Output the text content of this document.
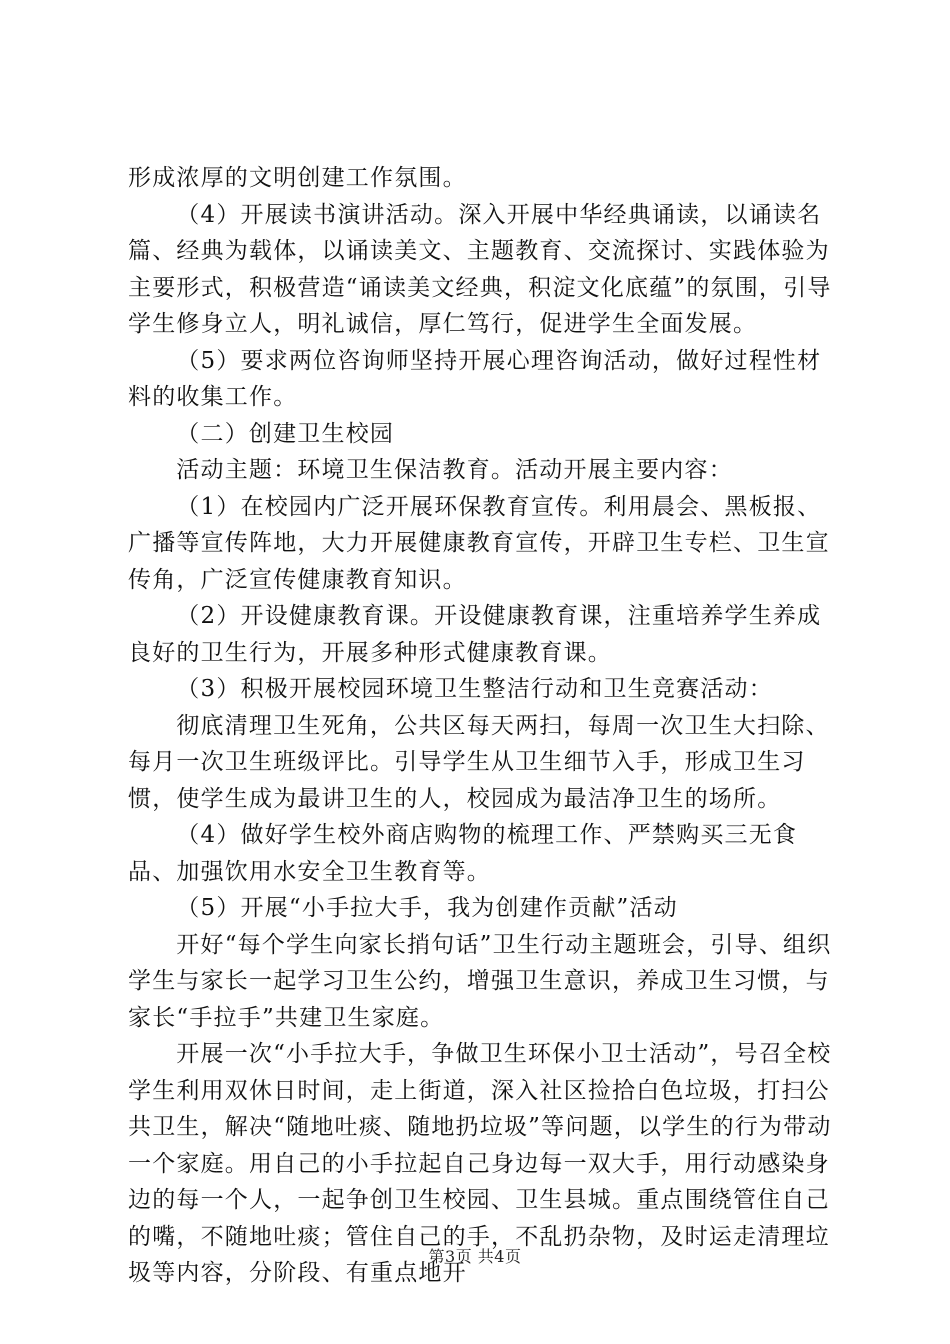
形成浓厚的文明创建工作氛围。

（4）开展读书演讲活动。深入开展中华经典诵读，以诵读名篇、经典为载体，以诵读美文、主题教育、交流探讨、实践体验为主要形式，积极营造“诵读美文经典，积淀文化底蕴”的氛围，引导学生修身立人，明礼诚信，厚仁笃行，促进学生全面发展。

（5）要求两位咨询师坚持开展心理咨询活动，做好过程性材料的收集工作。

（二）创建卫生校园

活动主题：环境卫生保洁教育。活动开展主要内容：

（1）在校园内广泛开展环保教育宣传。利用晨会、黑板报、广播等宣传阵地，大力开展健康教育宣传，开辟卫生专栏、卫生宣传角，广泛宣传健康教育知识。

（2）开设健康教育课。开设健康教育课，注重培养学生养成良好的卫生行为，开展多种形式健康教育课。

（3）积极开展校园环境卫生整洁行动和卫生竞赛活动：

彻底清理卫生死角，公共区每天两扫，每周一次卫生大扫除、每月一次卫生班级评比。引导学生从卫生细节入手，形成卫生习惯，使学生成为最讲卫生的人，校园成为最洁净卫生的场所。

（4）做好学生校外商店购物的梳理工作、严禁购买三无食品、加强饮用水安全卫生教育等。

（5）开展“小手拉大手，我为创建作贡献”活动

开好“每个学生向家长捎句话”卫生行动主题班会，引导、组织学生与家长一起学习卫生公约，增强卫生意识，养成卫生习惯，与家长“手拉手”共建卫生家庭。

开展一次“小手拉大手，争做卫生环保小卫士活动”，号召全校学生利用双休日时间，走上街道，深入社区捡拾白色垃圾，打扫公共卫生，解决“随地吐痰、随地扔垃圾”等问题，以学生的行为带动一个家庭。用自己的小手拉起自己身边每一双大手，用行动感染身边的每一个人，一起争创卫生校园、卫生县城。重点围绕管住自己的嘴，不随地吐痰；管住自己的手，不乱扔杂物，及时运走清理垃圾等内容，分阶段、有重点地开

第3页 共4页
